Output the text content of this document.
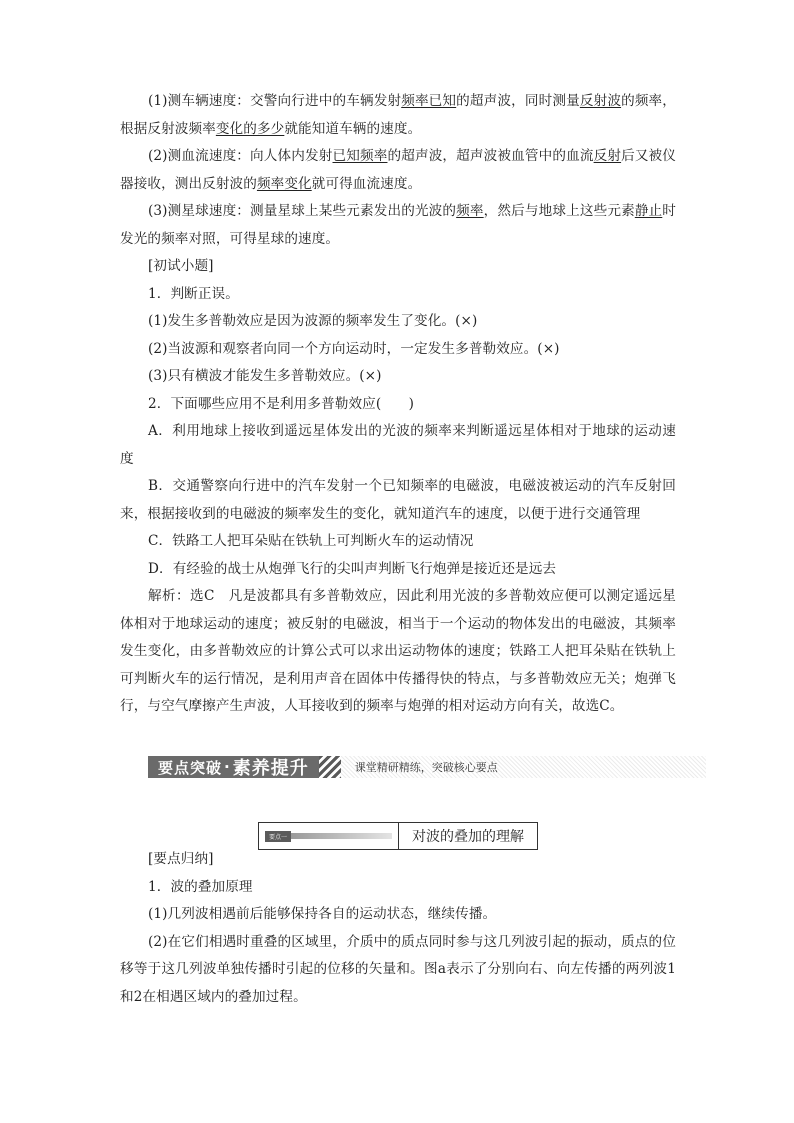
(1)测车辆速度：交警向行进中的车辆发射频率已知的超声波，同时测量反射波的频率，根据反射波频率变化的多少就能知道车辆的速度。

(2)测血流速度：向人体内发射已知频率的超声波，超声波被血管中的血流反射后又被仪器接收，测出反射波的频率变化就可得血流速度。

(3)测星球速度：测量星球上某些元素发出的光波的频率，然后与地球上这些元素静止时发光的频率对照，可得星球的速度。

[初试小题]

1．判断正误。

(1)发生多普勒效应是因为波源的频率发生了变化。(×)

(2)当波源和观察者向同一个方向运动时，一定发生多普勒效应。(×)

(3)只有横波才能发生多普勒效应。(×)

2．下面哪些应用不是利用多普勒效应(　　)

A．利用地球上接收到遥远星体发出的光波的频率来判断遥远星体相对于地球的运动速度

B．交通警察向行进中的汽车发射一个已知频率的电磁波，电磁波被运动的汽车反射回来，根据接收到的电磁波的频率发生的变化，就知道汽车的速度，以便于进行交通管理

C．铁路工人把耳朵贴在铁轨上可判断火车的运动情况

D．有经验的战士从炮弹飞行的尖叫声判断飞行炮弹是接近还是远去

解析：选C　凡是波都具有多普勒效应，因此利用光波的多普勒效应便可以测定遥远星体相对于地球运动的速度；被反射的电磁波，相当于一个运动的物体发出的电磁波，其频率发生变化，由多普勒效应的计算公式可以求出运动物体的速度；铁路工人把耳朵贴在铁轨上可判断火车的运行情况，是利用声音在固体中传播得快的特点，与多普勒效应无关；炮弹飞行，与空气摩擦产生声波，人耳接收到的频率与炮弹的相对运动方向有关，故选C。

要点突破 · 素养提升	课堂精研精练，突破核心要点
要点一	对波的叠加的理解

[要点归纳]

1．波的叠加原理

(1)几列波相遇前后能够保持各自的运动状态，继续传播。

(2)在它们相遇时重叠的区域里，介质中的质点同时参与这几列波引起的振动，质点的位移等于这几列波单独传播时引起的位移的矢量和。图a表示了分别向右、向左传播的两列波1和2在相遇区域内的叠加过程。
